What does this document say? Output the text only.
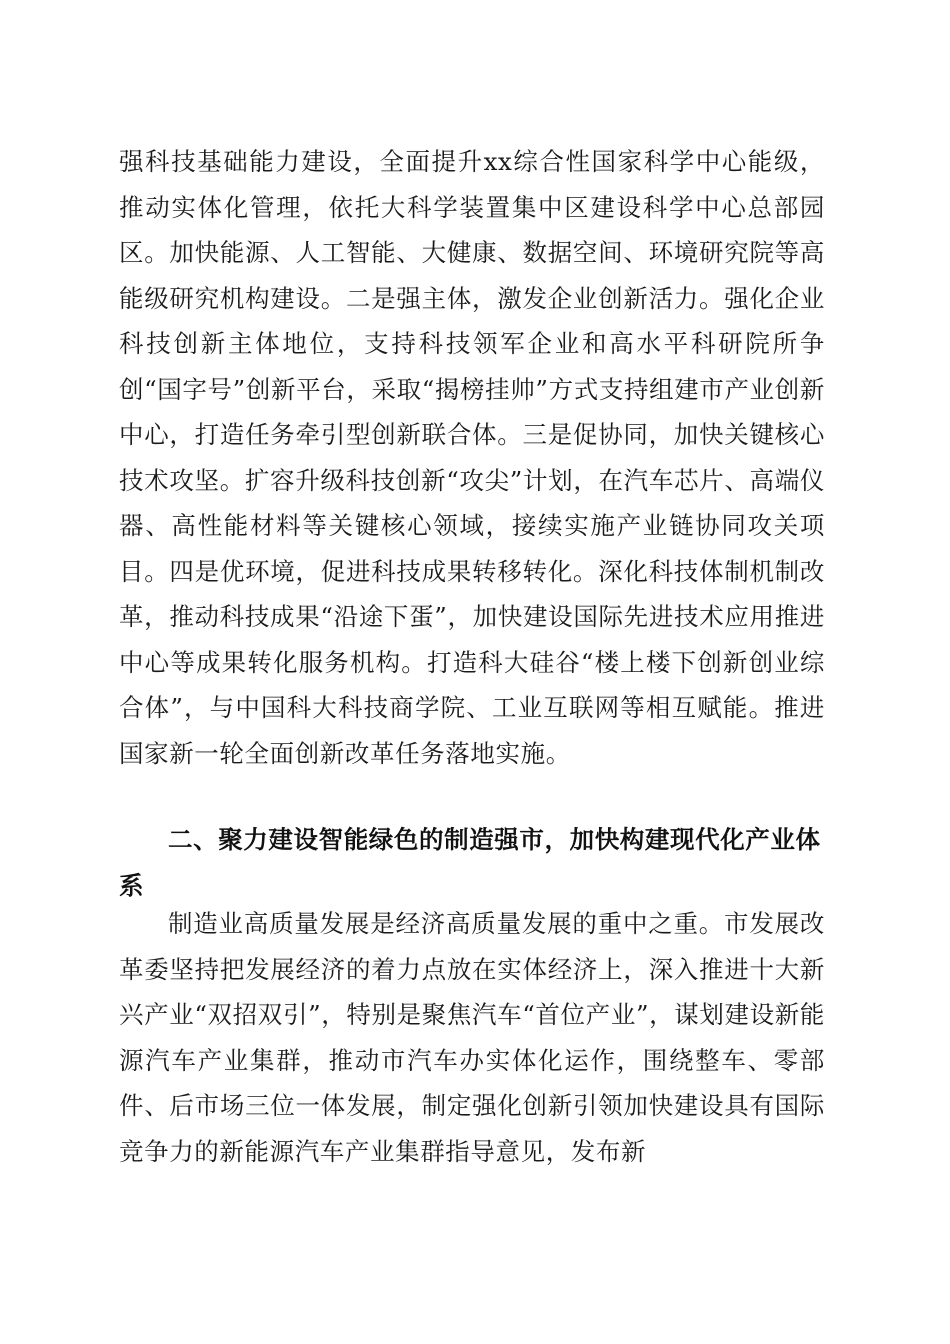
强科技基础能力建设，全面提升xx综合性国家科学中心能级，推动实体化管理，依托大科学装置集中区建设科学中心总部园区。加快能源、人工智能、大健康、数据空间、环境研究院等高能级研究机构建设。二是强主体，激发企业创新活力。强化企业科技创新主体地位，支持科技领军企业和高水平科研院所争创“国字号”创新平台，采取“揭榜挂帅”方式支持组建市产业创新中心，打造任务牵引型创新联合体。三是促协同，加快关键核心技术攻坚。扩容升级科技创新“攻尖”计划，在汽车芯片、高端仪器、高性能材料等关键核心领域，接续实施产业链协同攻关项目。四是优环境，促进科技成果转移转化。深化科技体制机制改革，推动科技成果“沿途下蛋”，加快建设国际先进技术应用推进中心等成果转化服务机构。打造科大硅谷“楼上楼下创新创业综合体”，与中国科大科技商学院、工业互联网等相互赋能。推进国家新一轮全面创新改革任务落地实施。
二、聚力建设智能绿色的制造强市，加快构建现代化产业体系
制造业高质量发展是经济高质量发展的重中之重。市发展改革委坚持把发展经济的着力点放在实体经济上，深入推进十大新兴产业“双招双引”，特别是聚焦汽车“首位产业”，谋划建设新能源汽车产业集群，推动市汽车办实体化运作，围绕整车、零部件、后市场三位一体发展，制定强化创新引领加快建设具有国际竞争力的新能源汽车产业集群指导意见，发布新
